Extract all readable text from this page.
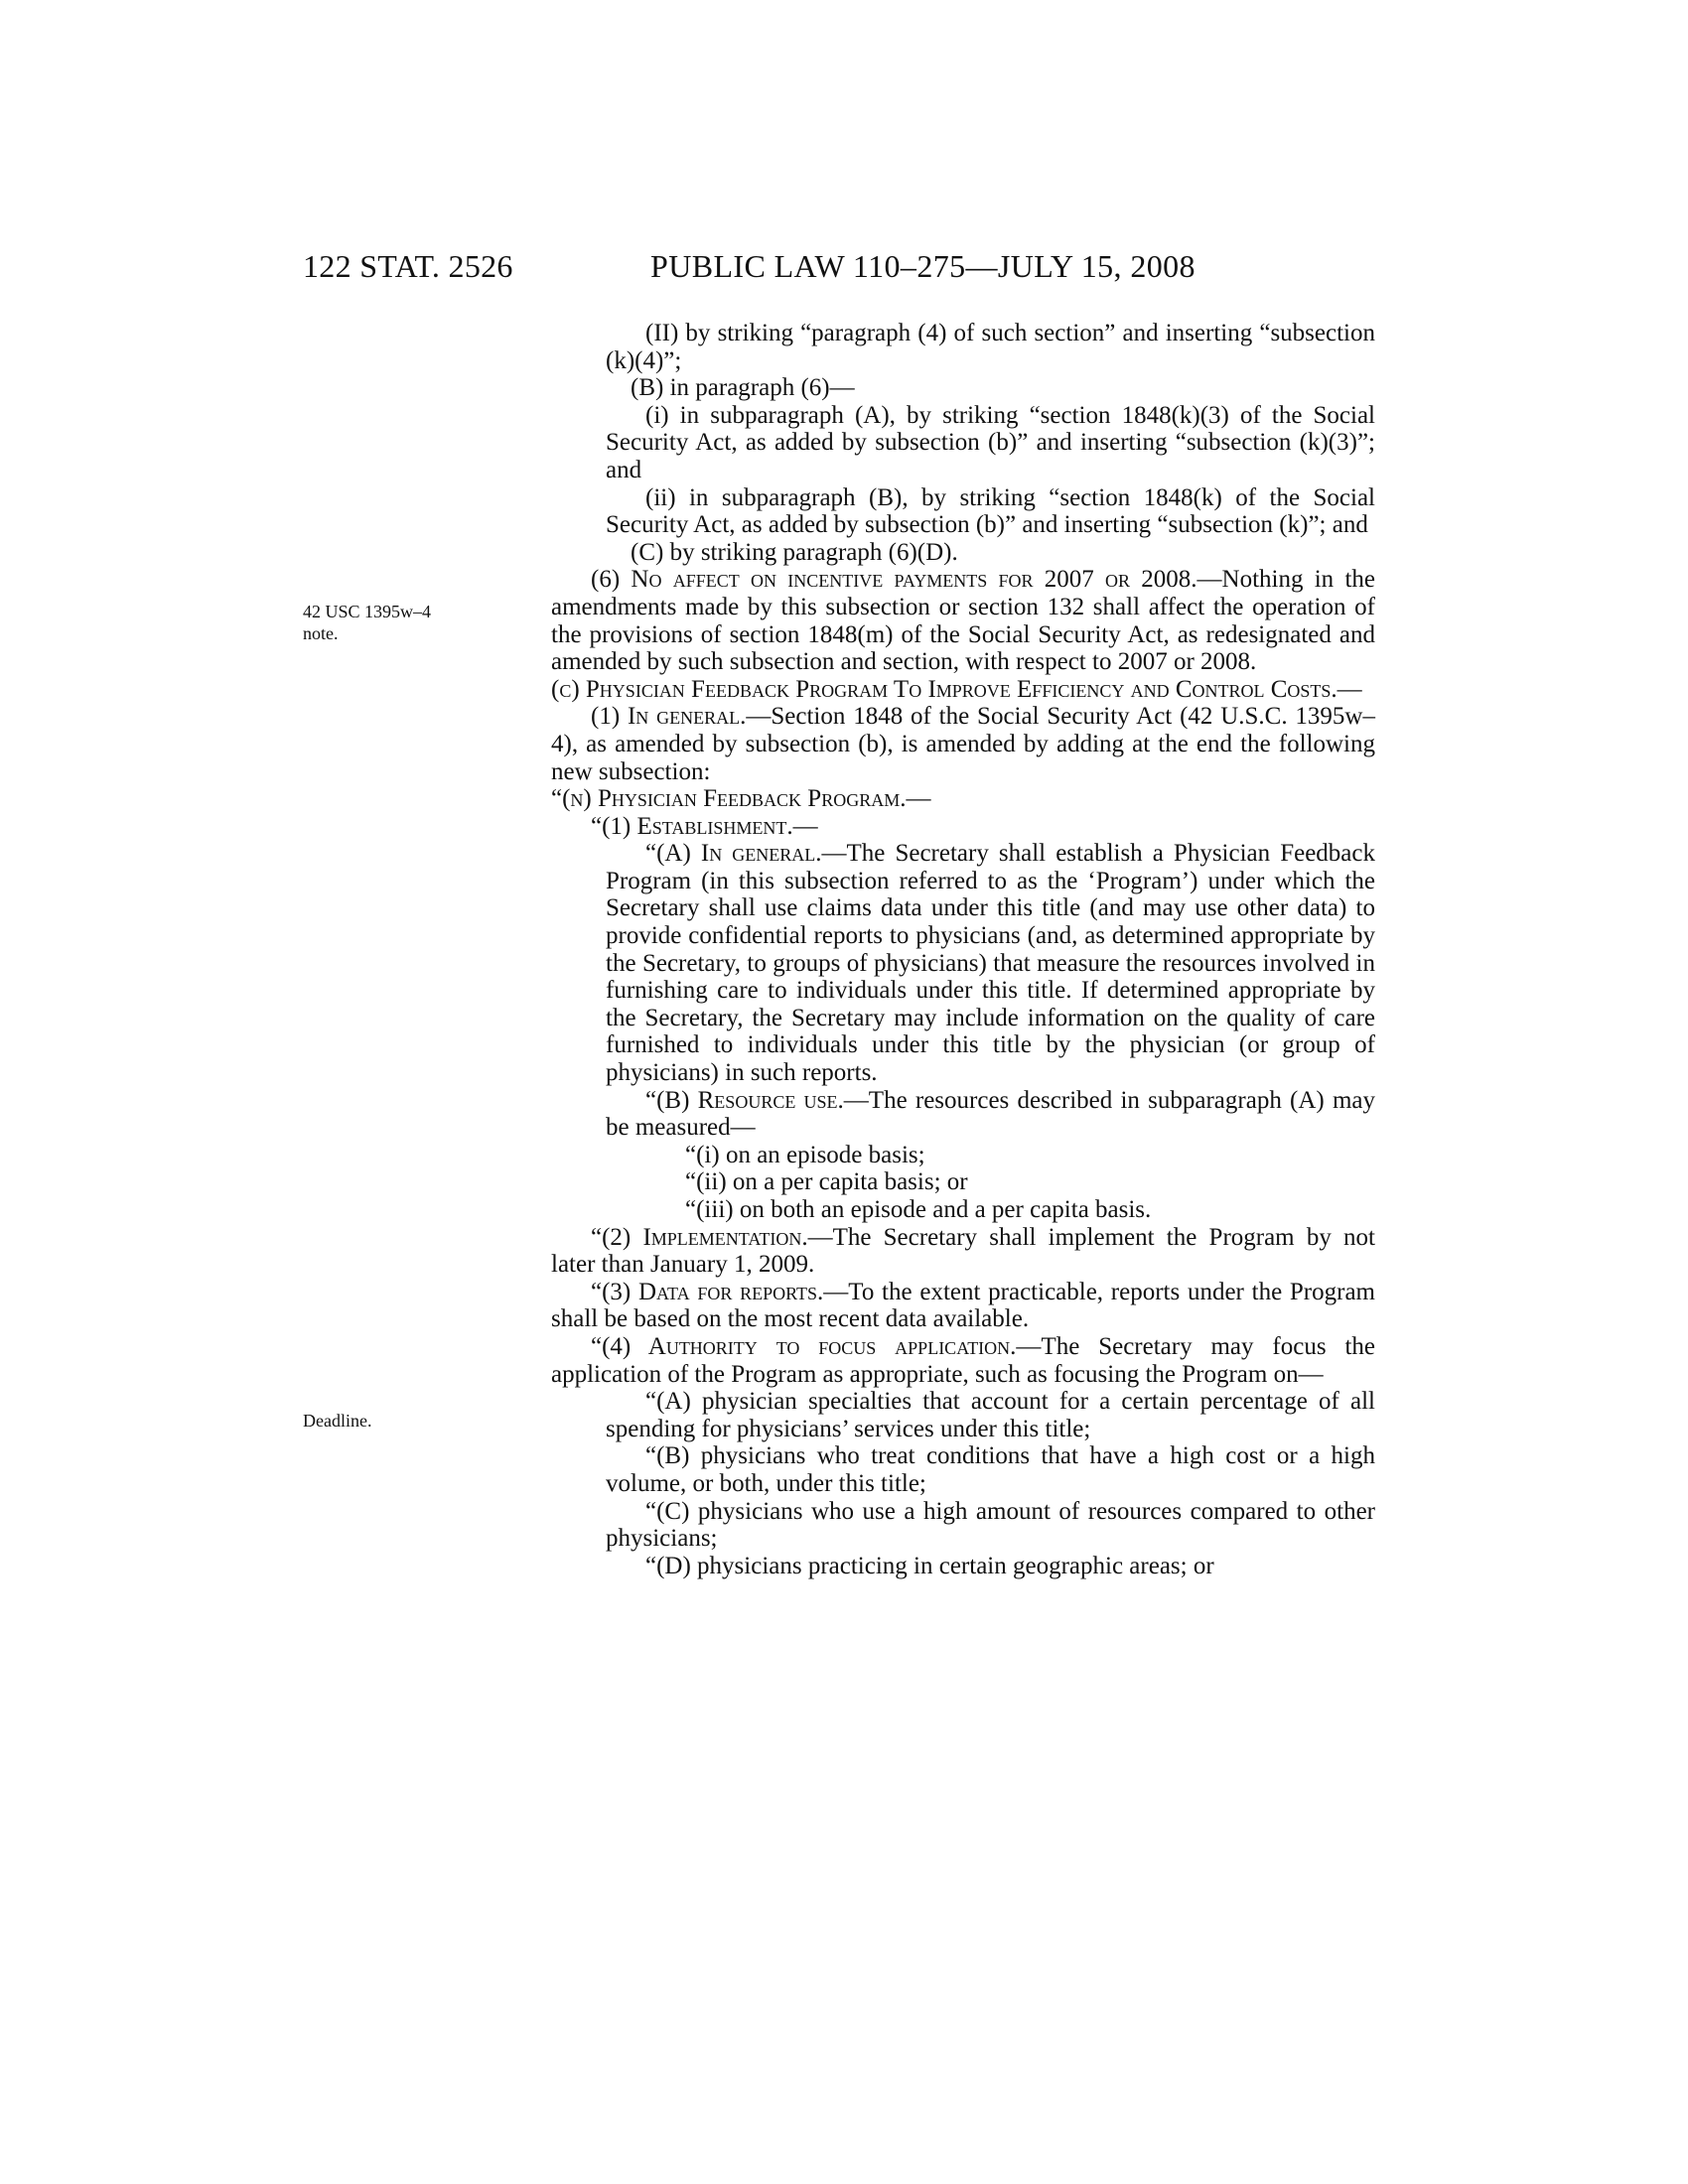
122 STAT. 2526	PUBLIC LAW 110–275—JULY 15, 2008
42 USC 1395w–4
note.
Deadline.

(II) by striking “paragraph (4) of such section” and inserting “subsection (k)(4)”;

(B) in paragraph (6)—

(i) in subparagraph (A), by striking “section 1848(k)(3) of the Social Security Act, as added by subsection (b)” and inserting “subsection (k)(3)”; and

(ii) in subparagraph (B), by striking “section 1848(k) of the Social Security Act, as added by subsection (b)” and inserting “subsection (k)”; and

(C) by striking paragraph (6)(D).

(6) No affect on incentive payments for 2007 or 2008.—Nothing in the amendments made by this subsection or section 132 shall affect the operation of the provisions of section 1848(m) of the Social Security Act, as redesignated and amended by such subsection and section, with respect to 2007 or 2008.

(c) Physician Feedback Program To Improve Efficiency and Control Costs.—

(1) In general.—Section 1848 of the Social Security Act (42 U.S.C. 1395w–4), as amended by subsection (b), is amended by adding at the end the following new subsection:

“(n) Physician Feedback Program.—

“(1) Establishment.—

“(A) In general.—The Secretary shall establish a Physician Feedback Program (in this subsection referred to as the ‘Program’) under which the Secretary shall use claims data under this title (and may use other data) to provide confidential reports to physicians (and, as determined appropriate by the Secretary, to groups of physicians) that measure the resources involved in furnishing care to individuals under this title. If determined appropriate by the Secretary, the Secretary may include information on the quality of care furnished to individuals under this title by the physician (or group of physicians) in such reports.

“(B) Resource use.—The resources described in subparagraph (A) may be measured—

“(i) on an episode basis;

“(ii) on a per capita basis; or

“(iii) on both an episode and a per capita basis.

“(2) Implementation.—The Secretary shall implement the Program by not later than January 1, 2009.

“(3) Data for reports.—To the extent practicable, reports under the Program shall be based on the most recent data available.

“(4) Authority to focus application.—The Secretary may focus the application of the Program as appropriate, such as focusing the Program on—

“(A) physician specialties that account for a certain percentage of all spending for physicians’ services under this title;

“(B) physicians who treat conditions that have a high cost or a high volume, or both, under this title;

“(C) physicians who use a high amount of resources compared to other physicians;

“(D) physicians practicing in certain geographic areas; or
